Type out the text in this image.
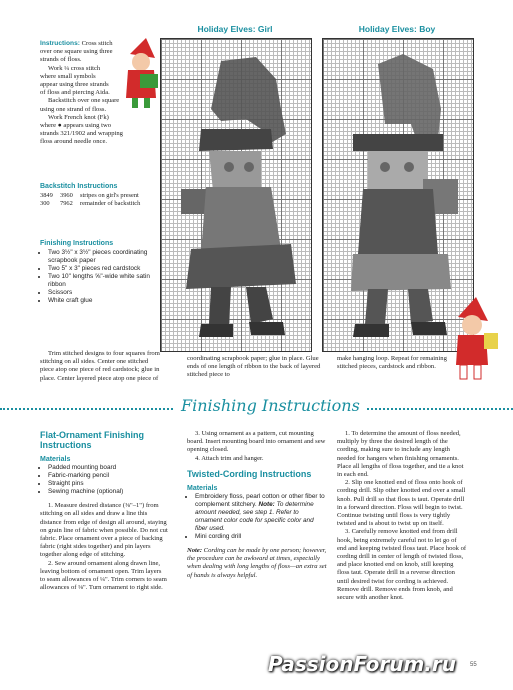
Holiday Elves: Girl	Holiday Elves: Boy

Instructions: Cross stitch over one square using three strands of floss.

Work ¼ cross stitch where small symbols appear using three strands of floss and piercing Aida.

Backstitch over one square using one strand of floss.

Work French knot (Fk) where ● appears using two strands 321/1902 and wrapping floss around needle once.

Backstitch Instructions
3849	3960	stripes on girl's present
300	7962	remainder of backstitch
Finishing Instructions
• Two 3½" x 3½" pieces coordinating scrapbook paper
• Two 5" x 3" pieces red cardstock
• Two 10" lengths ⅝"-wide white satin ribbon
• Scissors
• White craft glue
Trim stitched designs to four squares from stitching on all sides. Center one stitched piece atop one piece of red cardstock; glue in place. Center layered piece atop one piece of
coordinating scrapbook paper; glue in place. Glue ends of one length of ribbon to the back of layered stitched piece to
make hanging loop. Repeat for remaining stitched pieces, cardstock and ribbon.
Finishing Instructions
Flat-Ornament Finishing Instructions
Materials
• Padded mounting board
• Fabric-marking pencil
• Straight pins
• Sewing machine (optional)

1. Measure desired distance (⅜"–1") from stitching on all sides and draw a line this distance from edge of design all around, staying on grain line of fabric when possible. Do not cut fabric. Place ornament over a piece of backing fabric (right sides together) and pin layers together along edge of stitching.

2. Sew around ornament along drawn line, leaving bottom of ornament open. Trim layers to seam allowances of ¼". Trim corners to seam allowances of ⅛". Turn ornament to right side.

3. Using ornament as a pattern, cut mounting board. Insert mounting board into ornament and sew opening closed.

4. Attach trim and hanger.

Twisted-Cording Instructions
Materials
• Embroidery floss, pearl cotton or other fiber to complement stitchery. Note: To determine amount needed, see step 1. Refer to ornament color code for specific color and fiber used.
• Mini cording drill

Note: Cording can be made by one person; however, the procedure can be awkward at times, especially when dealing with long lengths of floss—an extra set of hands is always helpful.

1. To determine the amount of floss needed, multiply by three the desired length of the cording, making sure to include any length needed for hangers when finishing ornaments. Place all lengths of floss together, and tie a knot in each end.

2. Slip one knotted end of floss onto hook of cording drill. Slip other knotted end over a small knob. Pull drill so that floss is taut. Operate drill in a forward direction. Floss will begin to twist. Continue twisting until floss is very tightly twisted and is about to twist up on itself.

3. Carefully remove knotted end from drill hook, being extremely careful not to let go of end and keeping twisted floss taut. Place hook of cording drill in center of length of twisted floss, and place knotted end on knob, still keeping floss taut. Operate drill in a reverse direction until desired twist for cording is achieved. Remove drill. Remove ends from knob, and secure with another knot.

55
PassionForum.ru
